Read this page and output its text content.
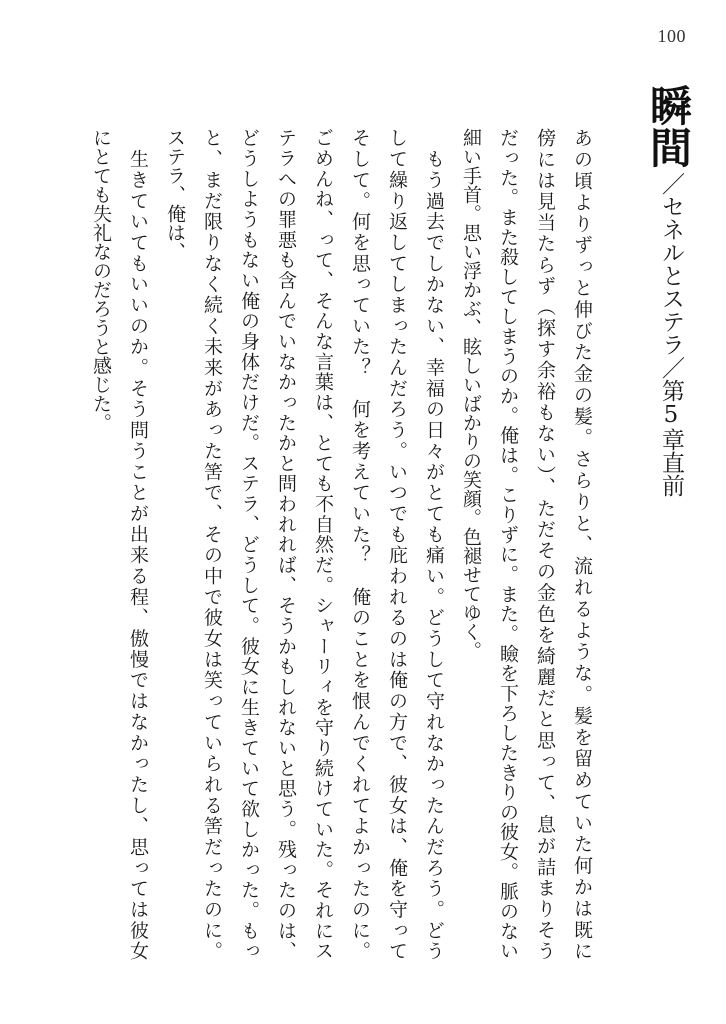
100
瞬間
／セネルとステラ／第5章直前
あの頃よりずっと伸びた金の髪。さらりと、流れるような。髪を留めていた何かは既に
傍には見当たらず（探す余裕もない）、ただその金色を綺麗だと思って、息が詰まりそう
だった。また殺してしまうのか。俺は。こりずに。また。瞼を下ろしたきりの彼女。脈のない
細い手首。思い浮かぶ、眩しいばかりの笑顔。色褪せてゆく。
　もう過去でしかない、幸福の日々がとても痛い。どうして守れなかったんだろう。どう
して繰り返してしまったんだろう。いつでも庇われるのは俺の方で、彼女は、俺を守って
そして。何を思っていた？　何を考えていた？　俺のことを恨んでくれてよかったのに。
ごめんね、って、そんな言葉は、とても不自然だ。シャーリィを守り続けていた。それにス
テラへの罪悪も含んでいなかったかと問われれば、そうかもしれないと思う。残ったのは、
どうしようもない俺の身体だけだ。ステラ、どうして。彼女に生きていて欲しかった。もっ
と、まだ限りなく続く未来があった筈で、その中で彼女は笑っていられる筈だったのに。
ステラ、俺は、
　生きていてもいいのか。そう問うことが出来る程、傲慢ではなかったし、思っては彼女
にとても失礼なのだろうと感じた。
